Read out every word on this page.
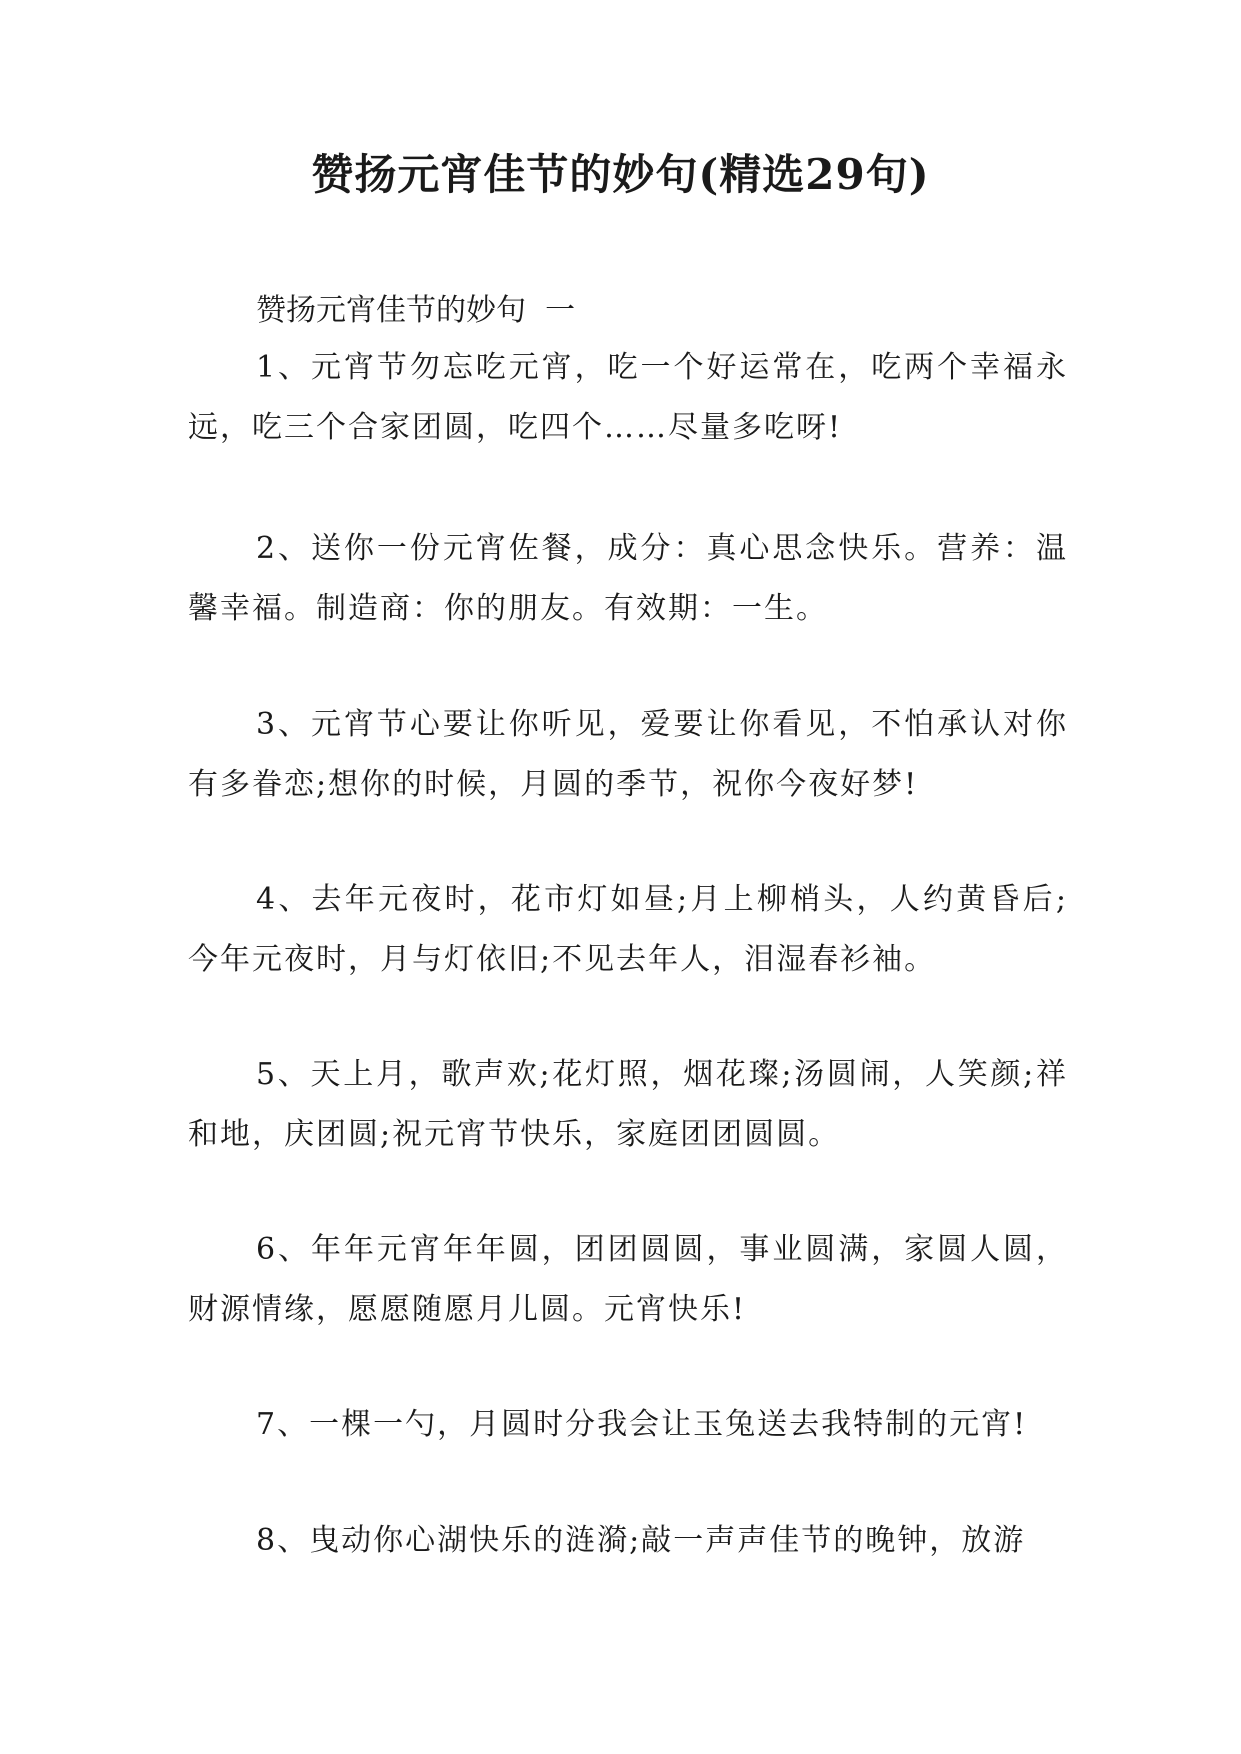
赞扬元宵佳节的妙句(精选29句)
赞扬元宵佳节的妙句  一
1、元宵节勿忘吃元宵，吃一个好运常在，吃两个幸福永远，吃三个合家团圆，吃四个……尽量多吃呀!
2、送你一份元宵佐餐，成分：真心思念快乐。营养：温馨幸福。制造商：你的朋友。有效期：一生。
3、元宵节心要让你听见，爱要让你看见，不怕承认对你有多眷恋;想你的时候，月圆的季节，祝你今夜好梦!
4、去年元夜时，花市灯如昼;月上柳梢头，人约黄昏后;今年元夜时，月与灯依旧;不见去年人，泪湿春衫袖。
5、天上月，歌声欢;花灯照，烟花璨;汤圆闹，人笑颜;祥和地，庆团圆;祝元宵节快乐，家庭团团圆圆。
6、年年元宵年年圆，团团圆圆，事业圆满，家圆人圆，财源情缘，愿愿随愿月儿圆。元宵快乐!
7、一棵一勺，月圆时分我会让玉兔送去我特制的元宵!
8、曳动你心湖快乐的涟漪;敲一声声佳节的晚钟，放游
